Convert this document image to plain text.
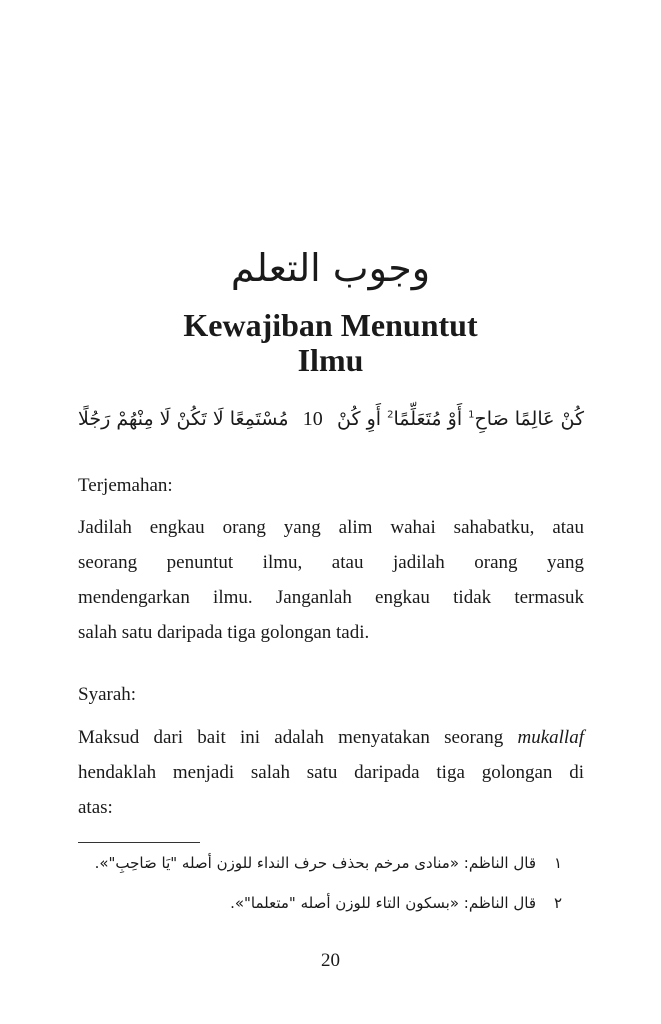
وجوب التعلم
Kewajiban Menuntut
Ilmu
كُنْ عَالِمًا صَاحِ$^1$ أَوْ مُتَعَلِّمًا$^2$ أَوِ كُنْ
10
مُسْتَمِعًا لَا تَكُنْ لَا مِنْهُمْ رَجُلًا
Terjemahan:
Jadilah engkau orang yang alim wahai sahabatku, atau
seorang penuntut ilmu, atau jadilah orang yang
mendengarkan ilmu. Janganlah engkau tidak termasuk
salah satu daripada tiga golongan tadi.
Syarah:
Maksud dari bait ini adalah menyatakan seorang mukallaf
hendaklah menjadi salah satu daripada tiga golongan di
atas:
١
قال الناظم: «منادى مرخم بحذف حرف النداء للوزن أصله "يَا صَاحِبِ"».
٢
قال الناظم: «بسكون التاء للوزن أصله "متعلما"».
20
